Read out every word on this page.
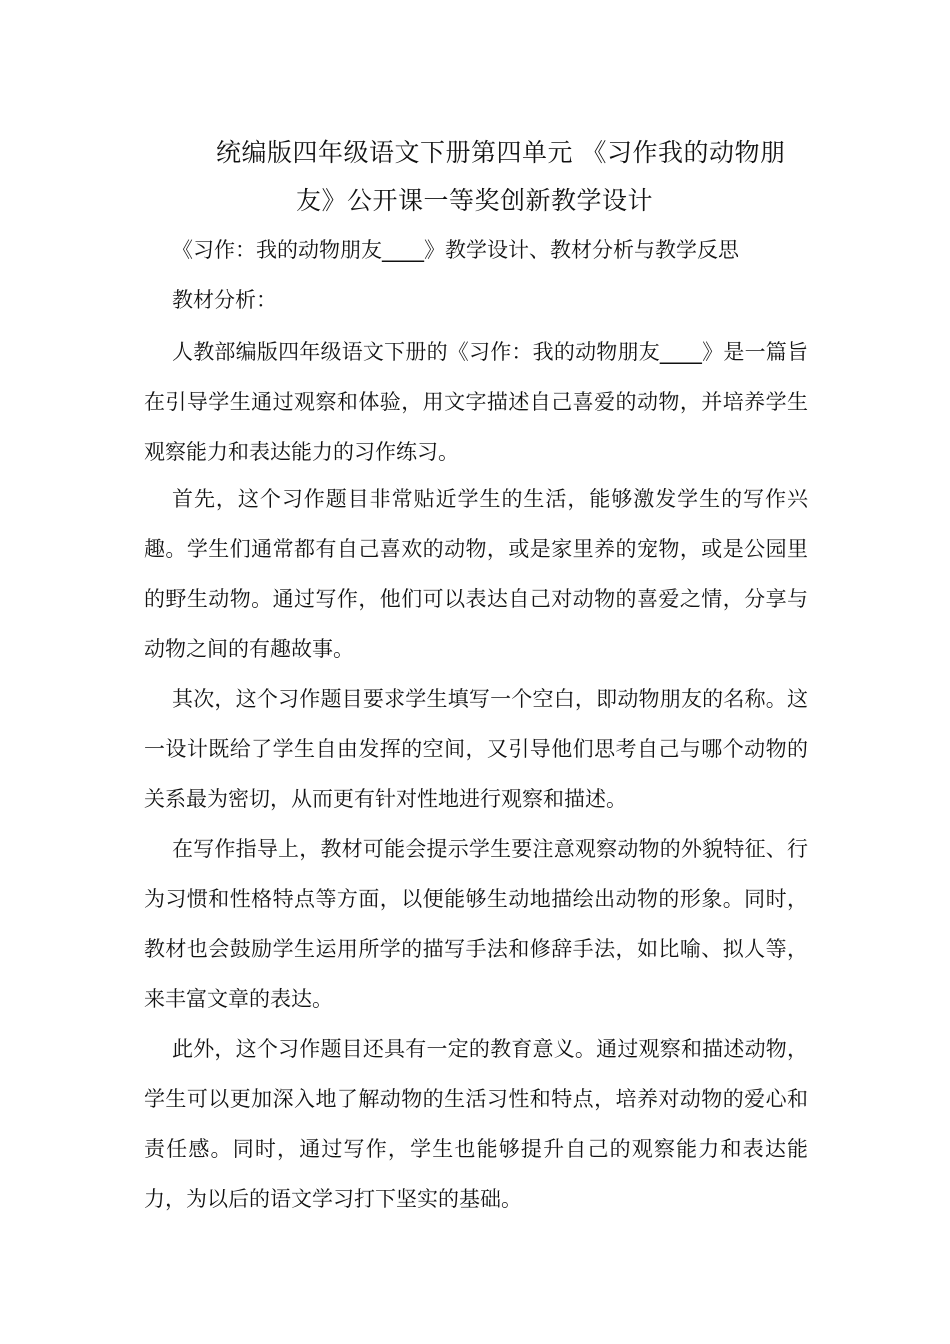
统编版四年级语文下册第四单元 《习作我的动物朋
友》公开课一等奖创新教学设计
《习作：我的动物朋友____》教学设计、教材分析与教学反思
教材分析：

人教部编版四年级语文下册的《习作：我的动物朋友____》是一篇旨在引导学生通过观察和体验，用文字描述自己喜爱的动物，并培养学生观察能力和表达能力的习作练习。

首先，这个习作题目非常贴近学生的生活，能够激发学生的写作兴趣。学生们通常都有自己喜欢的动物，或是家里养的宠物，或是公园里的野生动物。通过写作，他们可以表达自己对动物的喜爱之情，分享与动物之间的有趣故事。

其次，这个习作题目要求学生填写一个空白，即动物朋友的名称。这一设计既给了学生自由发挥的空间，又引导他们思考自己与哪个动物的关系最为密切，从而更有针对性地进行观察和描述。

在写作指导上，教材可能会提示学生要注意观察动物的外貌特征、行为习惯和性格特点等方面，以便能够生动地描绘出动物的形象。同时，教材也会鼓励学生运用所学的描写手法和修辞手法，如比喻、拟人等，来丰富文章的表达。

此外，这个习作题目还具有一定的教育意义。通过观察和描述动物，学生可以更加深入地了解动物的生活习性和特点，培养对动物的爱心和责任感。同时，通过写作，学生也能够提升自己的观察能力和表达能力，为以后的语文学习打下坚实的基础。
